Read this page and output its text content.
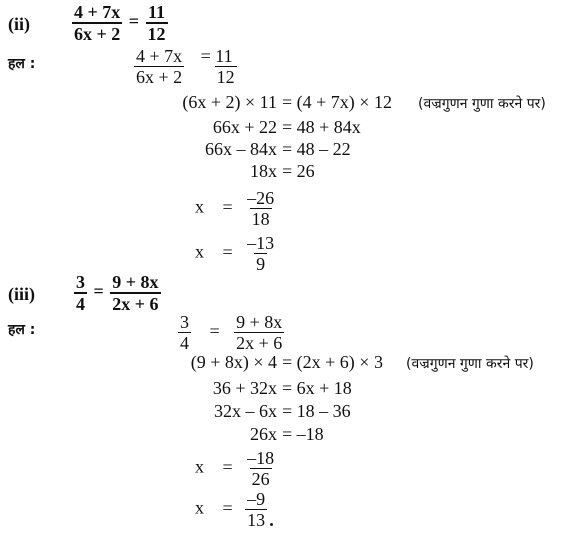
$(ii) \frac{4 + 7x}{6x + 2} = \frac{11}{12}$
हल :	$\frac{4 + 7x}{6x + 2}$
$\frac{= 11}{12}$
(6x + 2) × 11 = (4 + 7x) × 12 (वज्रगुणन गुणा करने पर)
66x + 22 = 48 + 84x
66x – 84x = 48 – 22
18x = 26
$x = \frac{-26}{18}$
$x = \frac{-13}{9}$
$(iii) \frac{3}{4} = \frac{9 + 8x}{2x + 6}$
हल :	$\frac{3}{4} = \frac{9 + 8x}{2x + 6}$
(9 + 8x) × 4 = (2x + 6) × 3 (वज्रगुणन गुणा करने पर)
36 + 32x = 6x + 18
32x – 6x = 18 – 36
26x = –18
$x = \frac{-18}{26}$
$x = \frac{-9}{13}$
